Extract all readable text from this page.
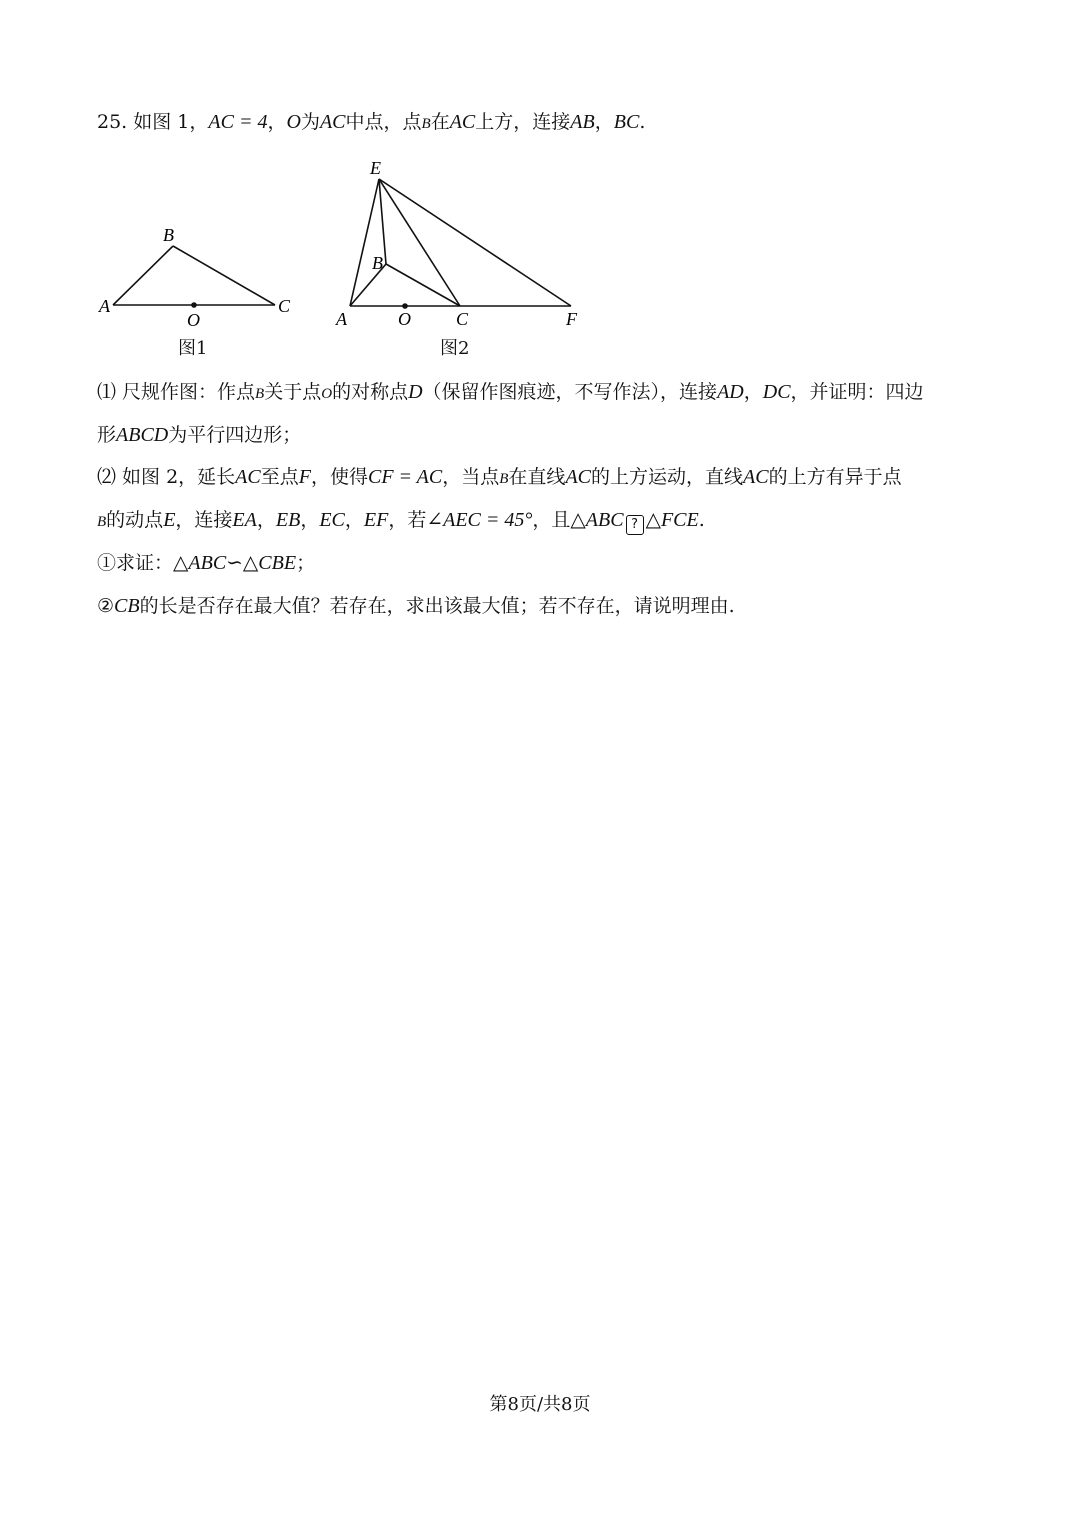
25. 如图 1，AC = 4，O为AC中点，点B在AC上方，连接AB，BC.
A
B
C
O
图1
E
B
A	O	C	F
图2
⑴ 尺规作图：作点B关于点O的对称点D（保留作图痕迹，不写作法），连接AD，DC，并证明：四边
形ABCD为平行四边形；
⑵ 如图 2，延长AC至点F，使得CF = AC，当点B在直线AC的上方运动，直线AC的上方有异于点
B的动点E，连接EA，EB，EC，EF，若∠AEC = 45°，且△ABC ? △FCE.
①求证：△ABC∽△CBE；
②CB的长是否存在最大值？若存在，求出该最大值；若不存在，请说明理由.
第8页/共8页
